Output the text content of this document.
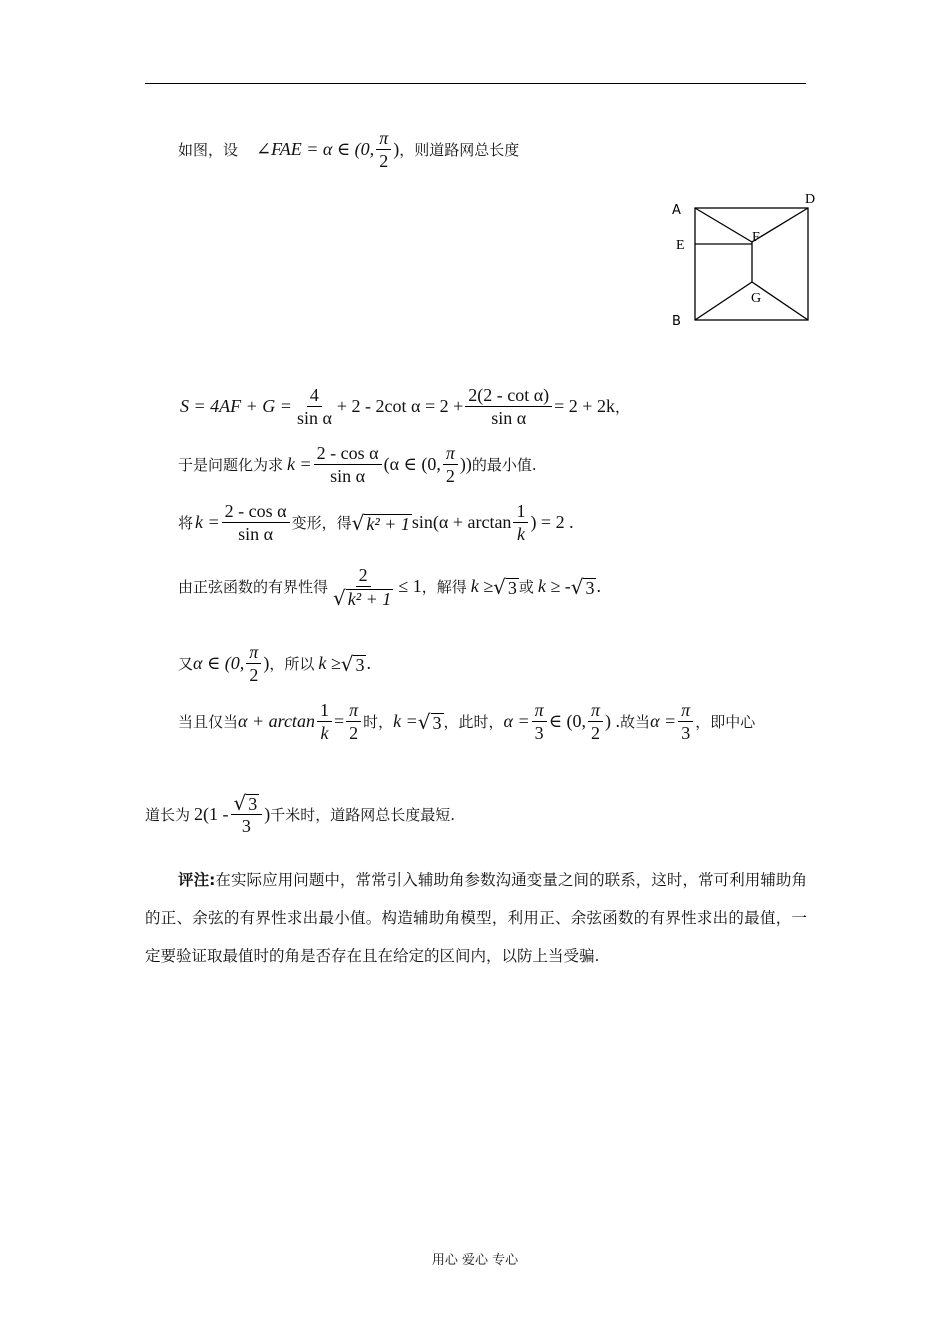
如图，设 ∠FAE = α ∈ (0, $\frac{\pi}{2}$ ) ，则道路网总长度
A
B
D
E
F
G
$S = 4AF + G = \frac{4}{\text{sin α}} + 2 - 2\cot$ $\alpha = 2 + \frac{\text{2(2 - cot α)}}{\text{sin α}} = 2 + 2k$ ，
于是问题化为求 $k = \frac{\text{2 - cos α}}{\text{sin α}} (\alpha$ ∈ (0, $\frac{\pi}{2}$ )) 的最小值.
将 $k = \frac{\text{2 - cos α}}{\text{sin α}}$ 变形，得 √ k² + 1 $\sin(\alpha + \arctan \frac{1}{k}$ ) = 2 .
由正弦函数的有界性得 $\frac{2}{\text{√ k² + 1}} \le 1$ ，解得 k ≥ √ 3 或 k ≥ - √ 3 .
又 α ∈ (0, $\frac{\pi}{2}$ ) ，所以 k ≥ √ 3 .
当且仅当 $\alpha + \arctan \frac{1}{k} = \frac{\pi}{2}$ 时， k = √ 3 ，此时， $\alpha = \frac{\pi}{3}$ ∈ (0, $\frac{\pi}{2}$ ) . 故当 $\alpha = \frac{\pi}{3}$ ，即中心
道长为 $2(1 - \frac{√ 3}{3}$ ) 千米时，道路网总长度最短.
评注:在实际应用问题中，常常引入辅助角参数沟通变量之间的联系，这时，常可利用辅助角的正、余弦的有界性求出最小值。构造辅助角模型，利用正、余弦函数的有界性求出的最值，一定要验证取最值时的角是否存在且在给定的区间内，以防上当受骗.
用心 爱心 专心
